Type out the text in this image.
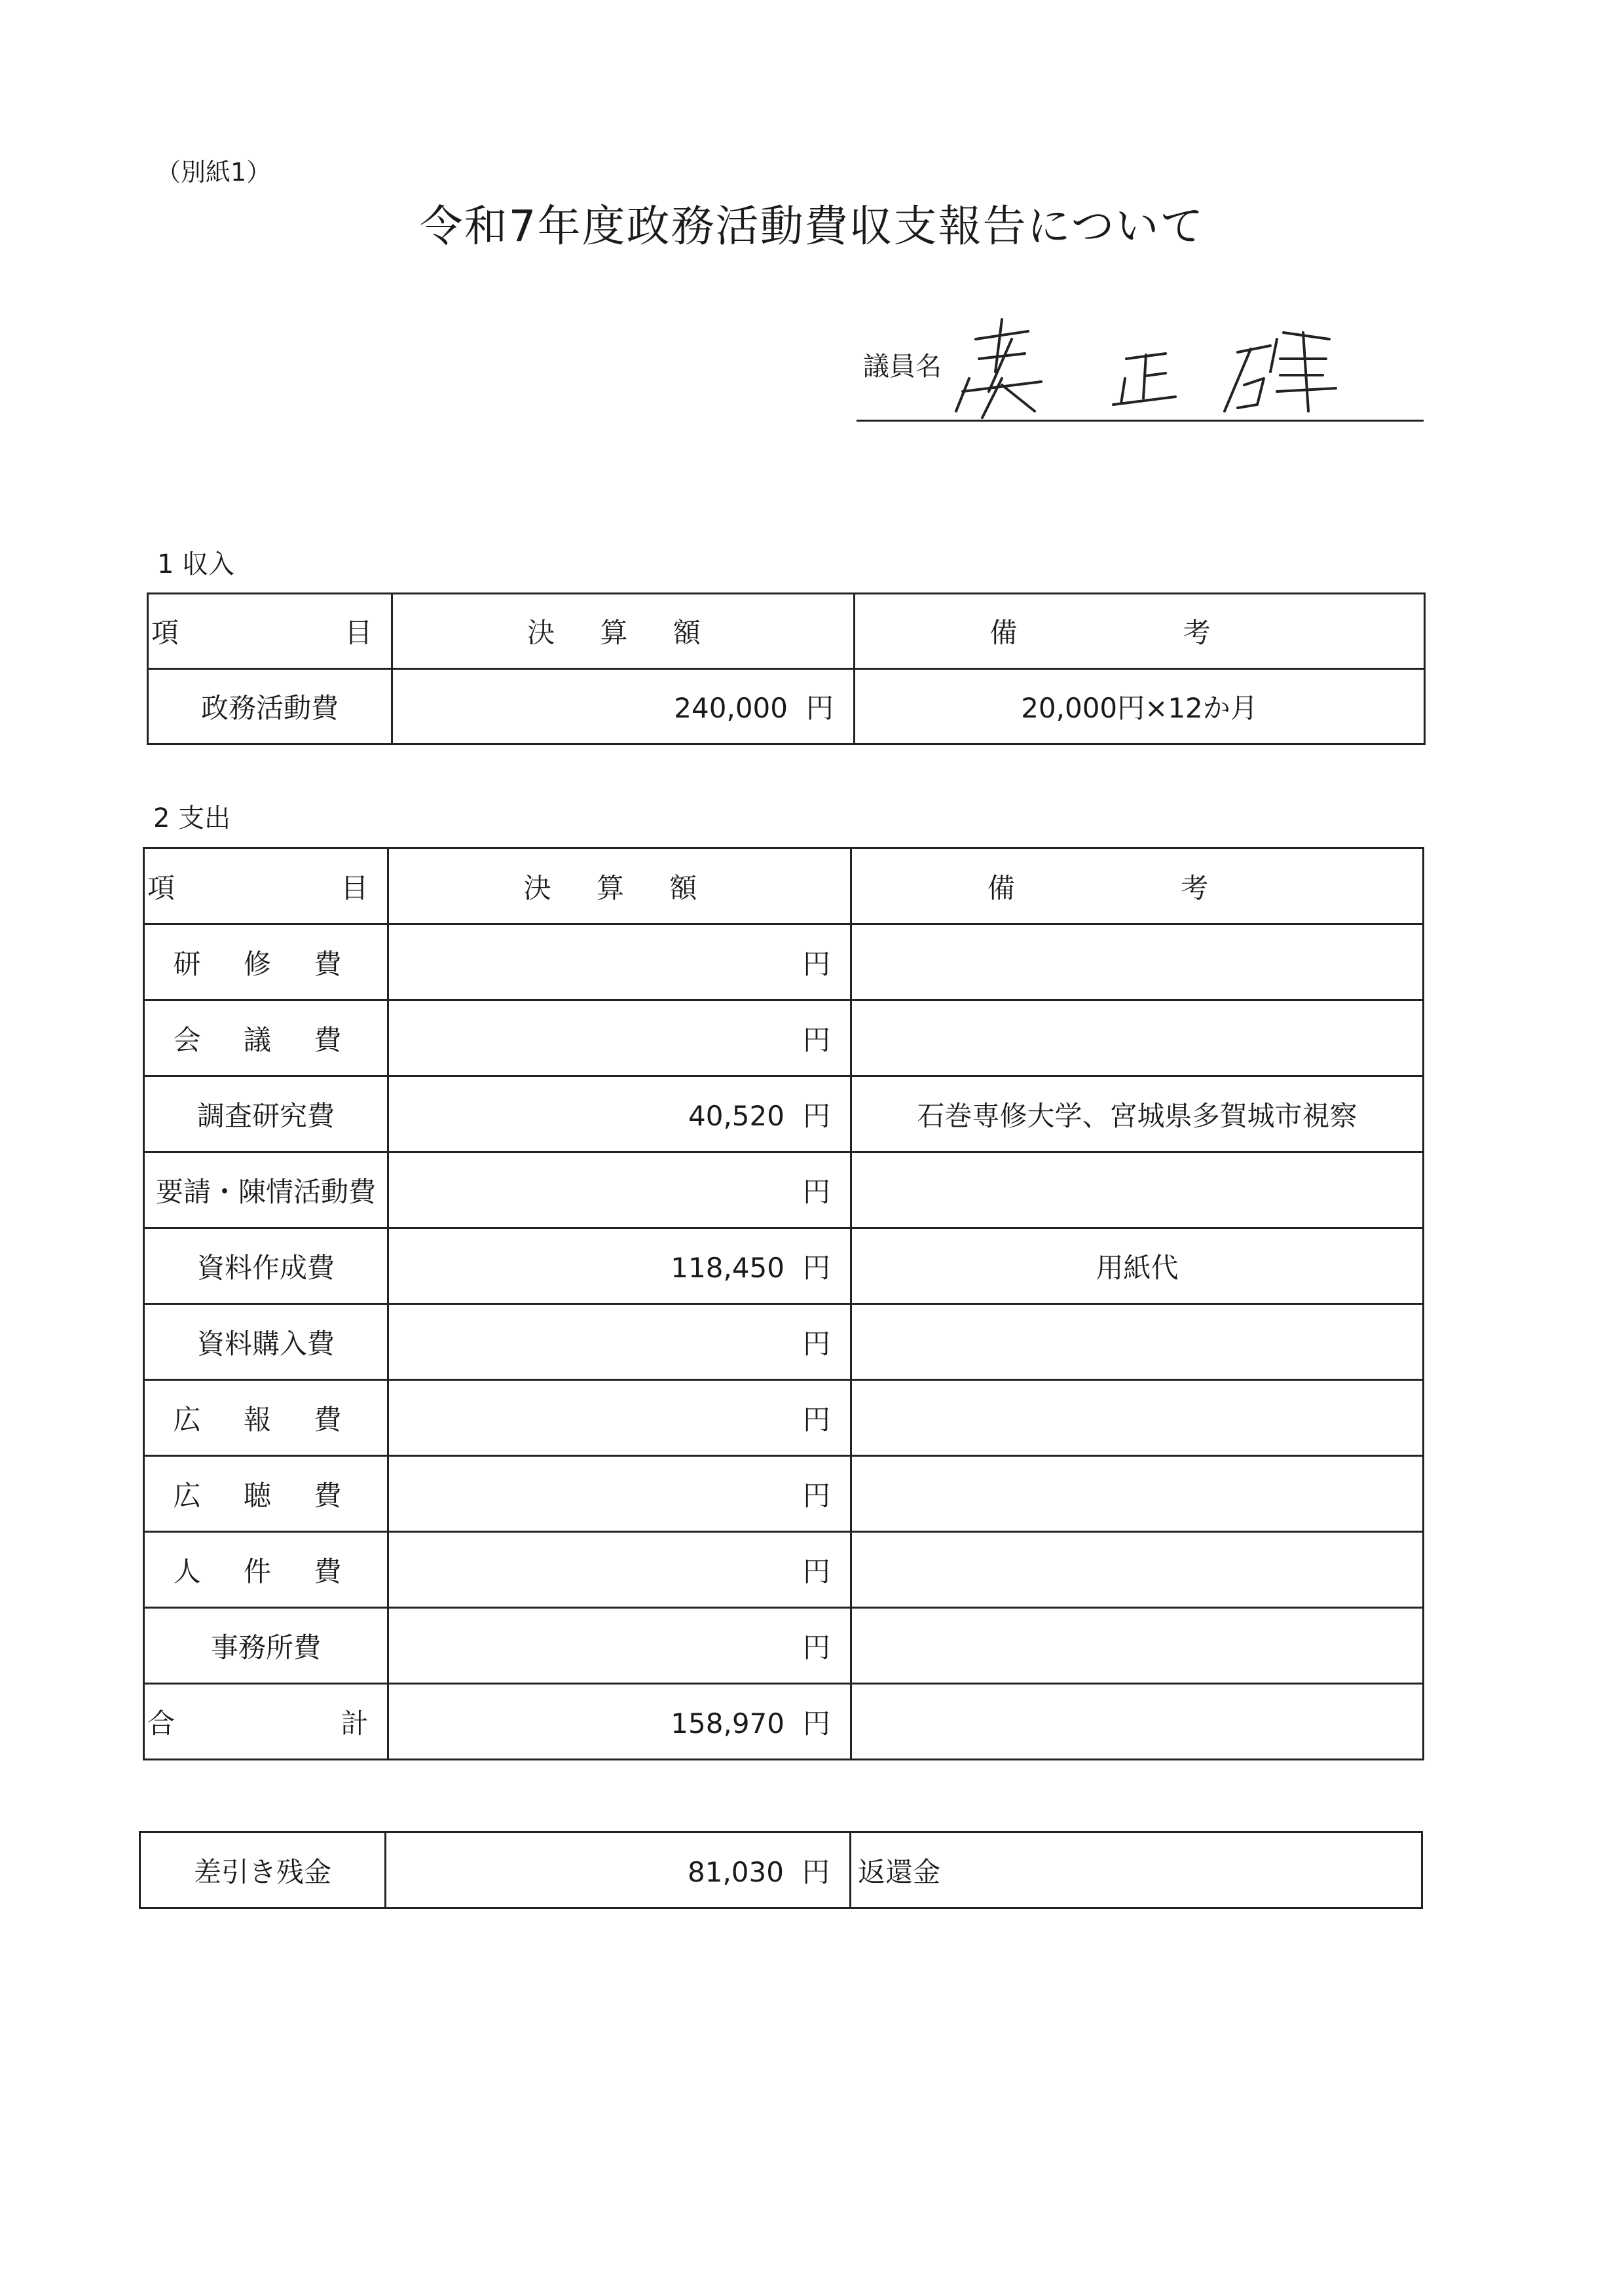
（別紙1）
令和7年度政務活動費収支報告について
議員名
1 収入
項 目	決 算 額	備 考
政務活動費	240,000 円	20,000円×12か月
2 支出
項 目	決 算 額	備 考
研 修 費	円	
会 議 費	円	
調査研究費	40,520 円	石巻専修大学、宮城県多賀城市視察
要請・陳情活動費	円	
資料作成費	118,450 円	用紙代
資料購入費	円	
広 報 費	円	
広 聴 費	円	
人 件 費	円	
事務所費	円	
合 計	158,970 円	
差引き残金	81,030 円	返還金
